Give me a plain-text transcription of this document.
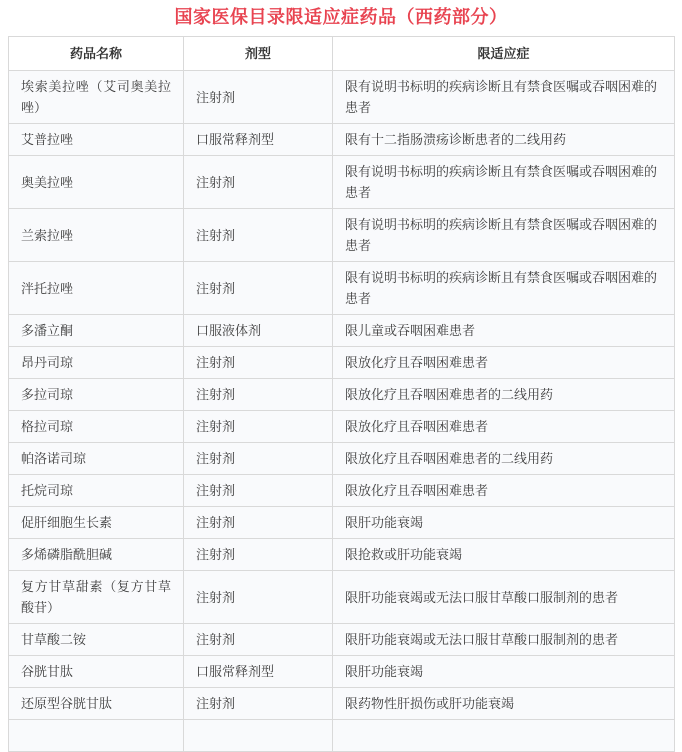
国家医保目录限适应症药品（西药部分）
药品名称	剂型	限适应症
埃索美拉唑（艾司奥美拉唑）	注射剂	限有说明书标明的疾病诊断且有禁食医嘱或吞咽困难的患者
艾普拉唑	口服常释剂型	限有十二指肠溃疡诊断患者的二线用药
奥美拉唑	注射剂	限有说明书标明的疾病诊断且有禁食医嘱或吞咽困难的患者
兰索拉唑	注射剂	限有说明书标明的疾病诊断且有禁食医嘱或吞咽困难的患者
泮托拉唑	注射剂	限有说明书标明的疾病诊断且有禁食医嘱或吞咽困难的患者
多潘立酮	口服液体剂	限儿童或吞咽困难患者
昂丹司琼	注射剂	限放化疗且吞咽困难患者
多拉司琼	注射剂	限放化疗且吞咽困难患者的二线用药
格拉司琼	注射剂	限放化疗且吞咽困难患者
帕洛诺司琼	注射剂	限放化疗且吞咽困难患者的二线用药
托烷司琼	注射剂	限放化疗且吞咽困难患者
促肝细胞生长素	注射剂	限肝功能衰竭
多烯磷脂酰胆碱	注射剂	限抢救或肝功能衰竭
复方甘草甜素（复方甘草酸苷）	注射剂	限肝功能衰竭或无法口服甘草酸口服制剂的患者
甘草酸二铵	注射剂	限肝功能衰竭或无法口服甘草酸口服制剂的患者
谷胱甘肽	口服常释剂型	限肝功能衰竭
还原型谷胱甘肽	注射剂	限药物性肝损伤或肝功能衰竭
